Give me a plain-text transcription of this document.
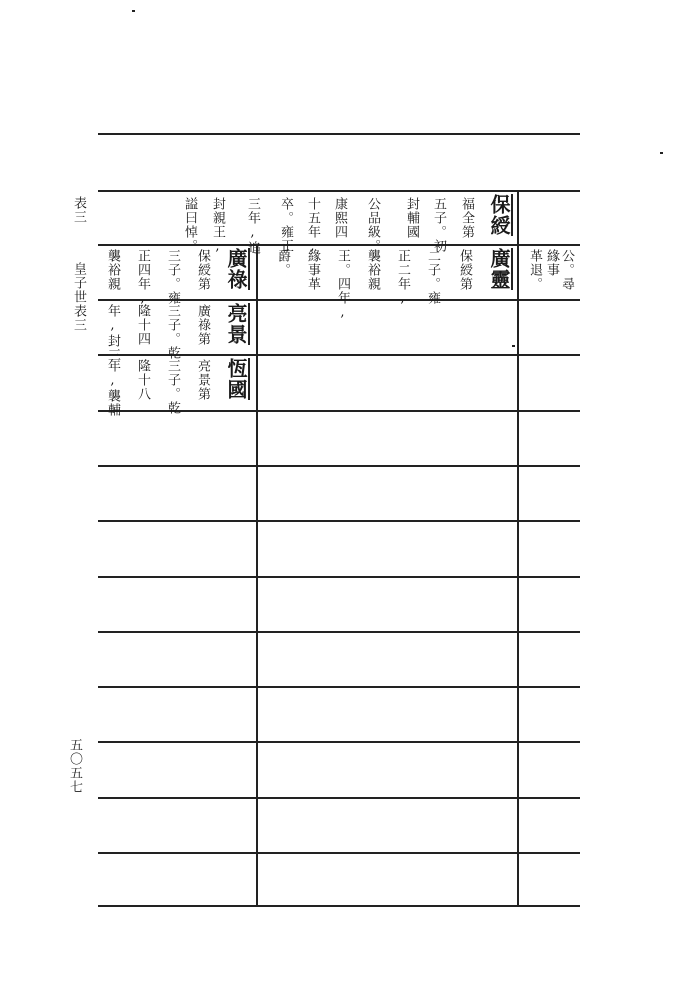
表三
皇子世表三
五〇五七
保綬
福全第
五子。初
封輔國
公品級。
康熙四
十五年,
卒。雍正
三年,追
封親王,
謚曰悼。
廣靈
保綬第
二子。雍
正二年,
襲裕親
王。四年,
緣事革
爵。
廣祿
保綬第
三子。雍
正四年,
襲裕親	公。尋
緣事
革退。
亮景
廣祿第
三子。乾
隆十四
年,封三
恆國
亮景第
三子。乾
隆十八
年,襲輔
